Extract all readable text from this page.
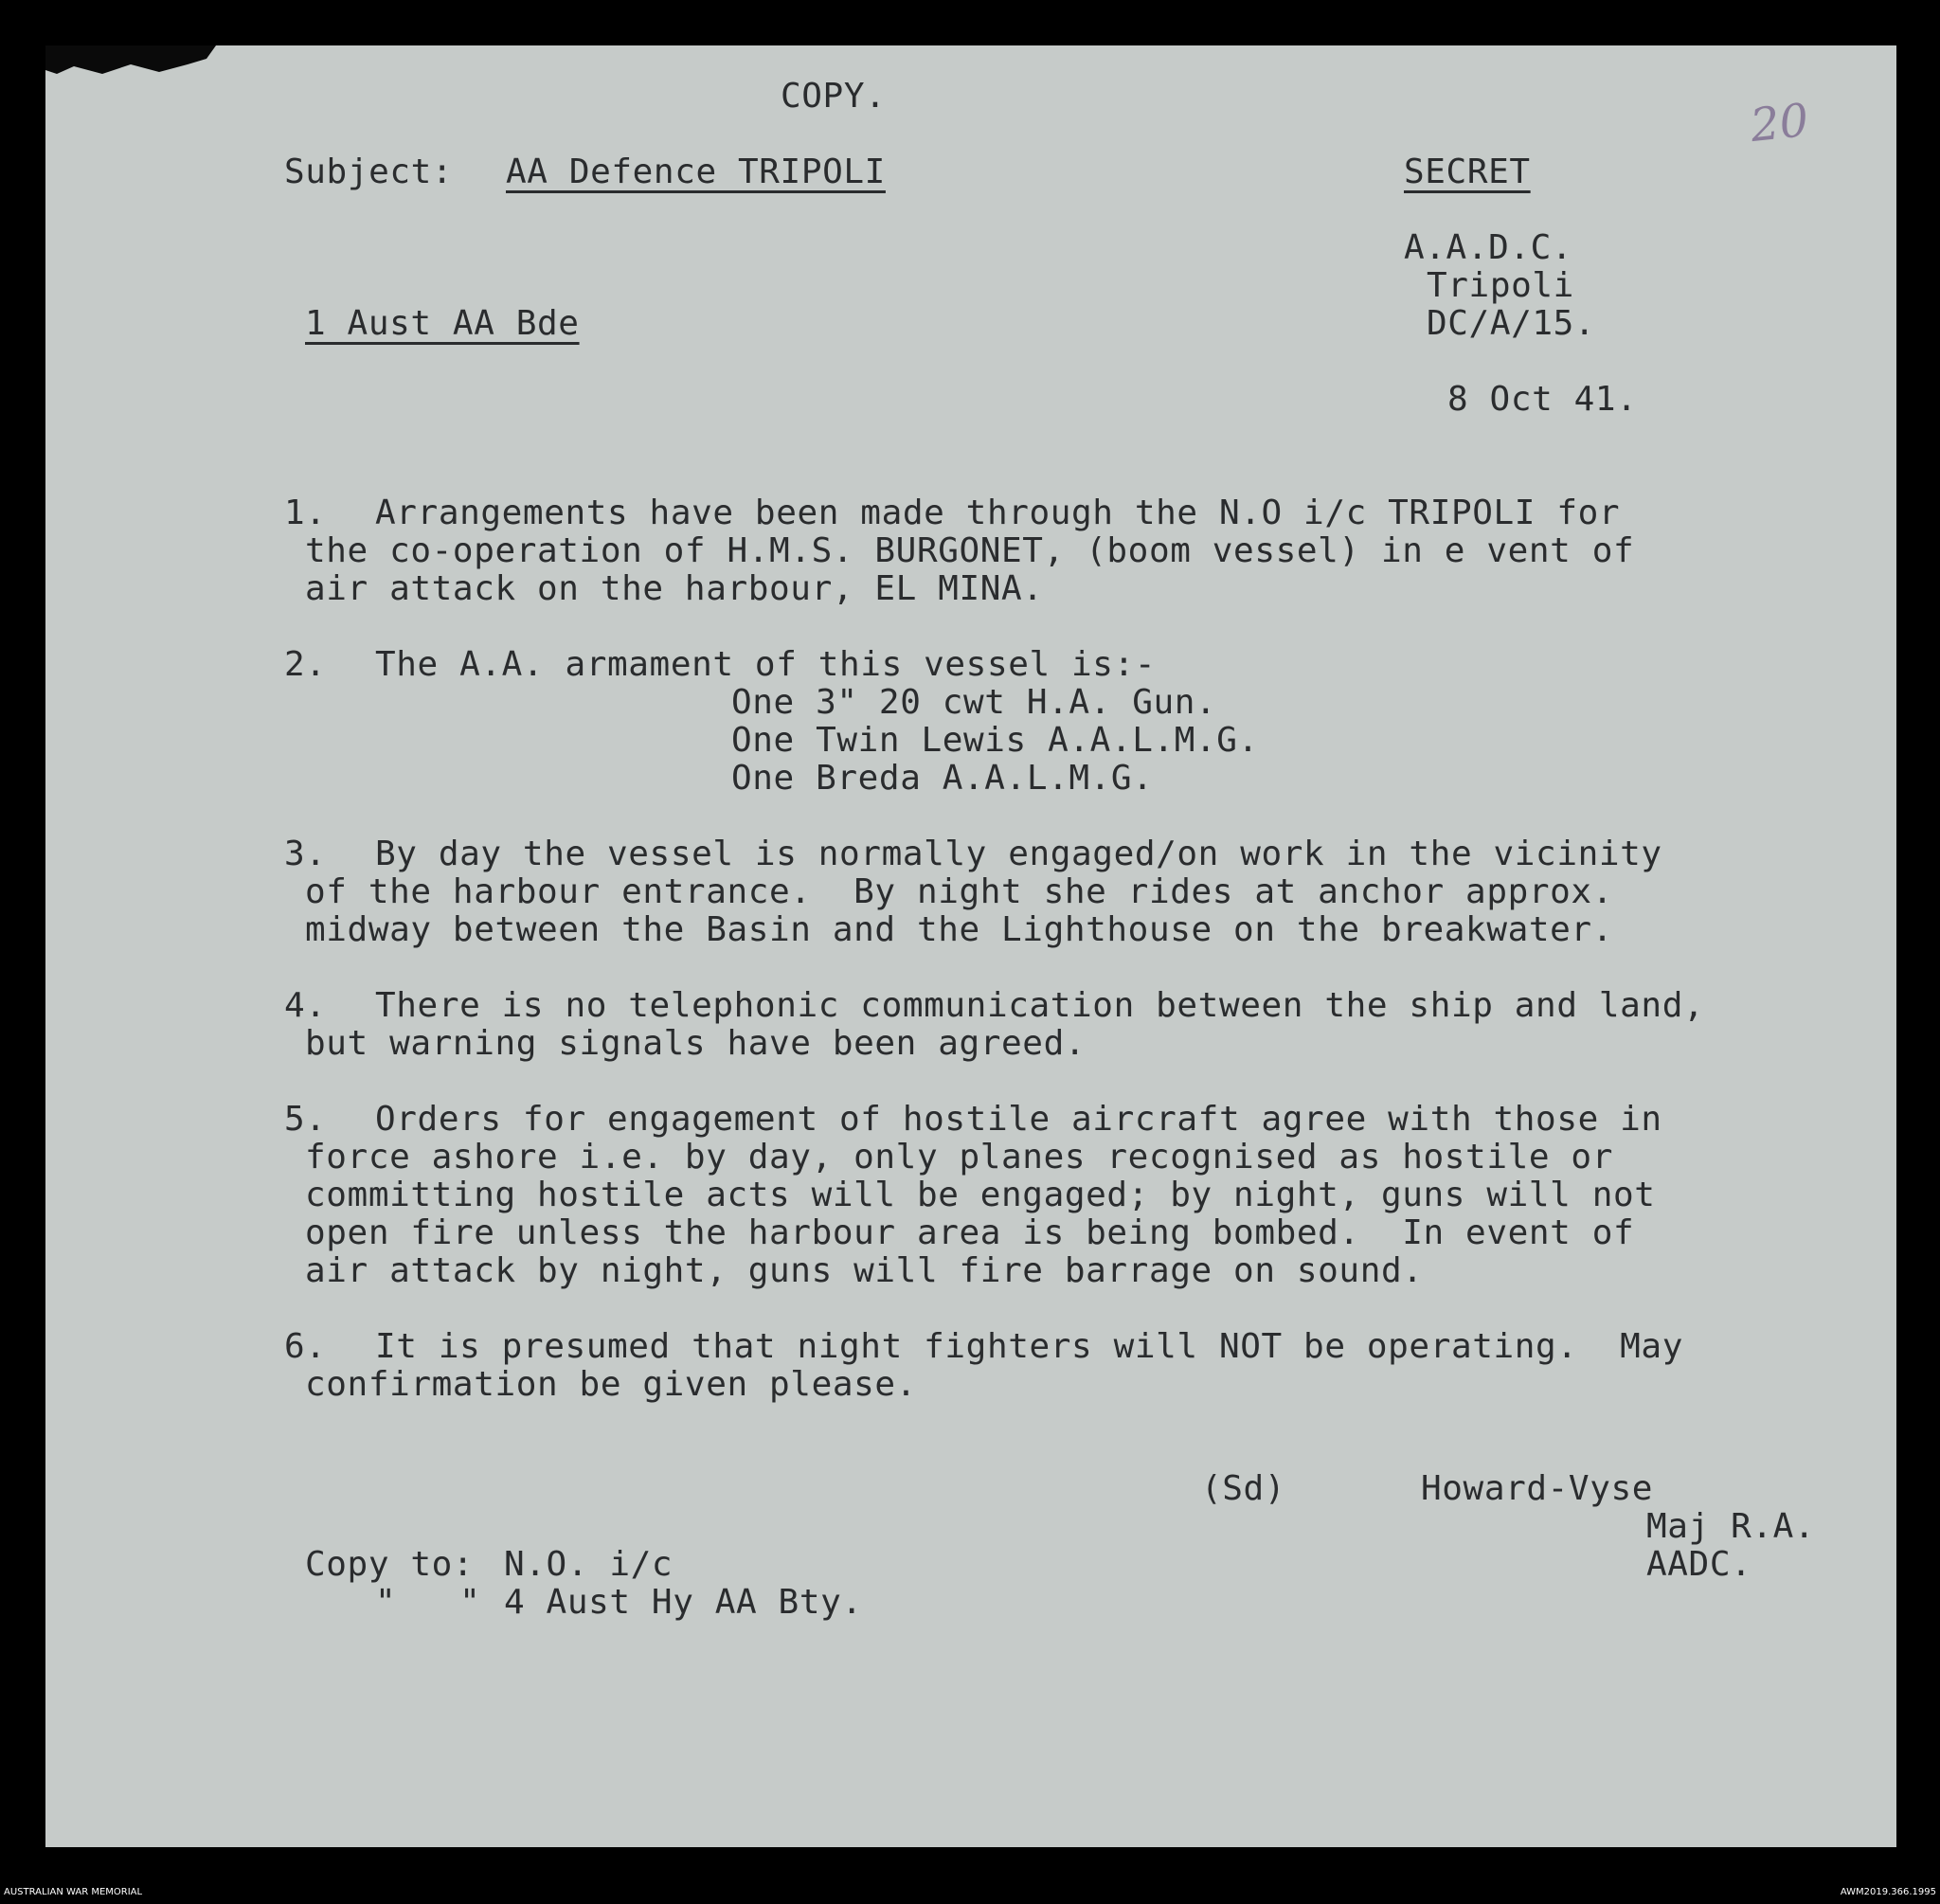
COPY.	20

Subject: AA Defence TRIPOLI	SECRET

A.A.D.C.

Tripoli

DC/A/15.

1 Aust AA Bde

8 Oct 41.

1. Arrangements have been made through the N.O i/c TRIPOLI for

the co-operation of H.M.S. BURGONET, (boom vessel) in e vent of

air attack on the harbour, EL MINA.

2. The A.A. armament of this vessel is:-

One 3" 20 cwt H.A. Gun.

One Twin Lewis A.A.L.M.G.

One Breda A.A.L.M.G.

3. By day the vessel is normally engaged/on work in the vicinity

of the harbour entrance.  By night she rides at anchor approx.

midway between the Basin and the Lighthouse on the breakwater.

4. There is no telephonic communication between the ship and land,

but warning signals have been agreed.

5. Orders for engagement of hostile aircraft agree with those in

force ashore i.e. by day, only planes recognised as hostile or

committing hostile acts will be engaged; by night, guns will not

open fire unless the harbour area is being bombed.  In event of

air attack by night, guns will fire barrage on sound.

6. It is presumed that night fighters will NOT be operating.  May

confirmation be given please.

(Sd)	Howard-Vyse

Maj R.A.

AADC.

Copy to: N.O. i/c

"   " 4 Aust Hy AA Bty.

AUSTRALIAN WAR MEMORIAL	AWM2019.366.1995
